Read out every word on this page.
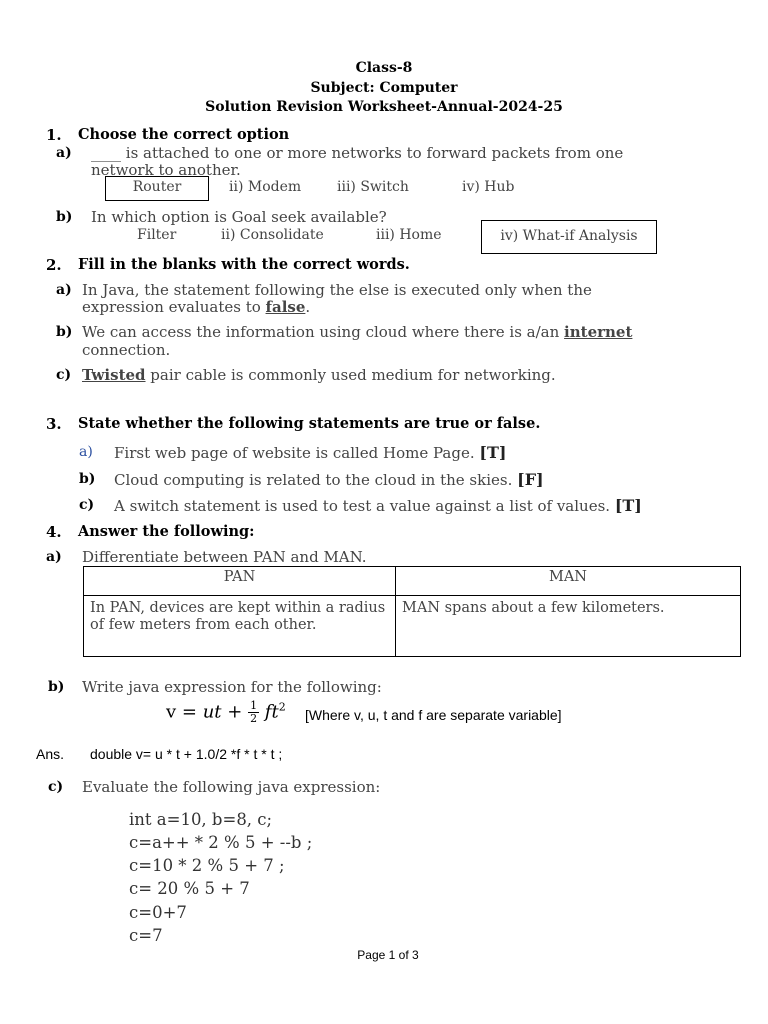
Class-8
Subject: Computer
Solution Revision Worksheet-Annual-2024-25
1. Choose the correct option
a) ____ is attached to one or more networks to forward packets from one
network to another.
Router	ii) Modem	iii) Switch	iv) Hub
b) In which option is Goal seek available?
Filter	ii) Consolidate	iii) Home	iv) What-if Analysis
2. Fill in the blanks with the correct words.
a) In Java, the statement following the else is executed only when the
expression evaluates to false.
b) We can access the information using cloud where there is a/an internet
connection.
c) Twisted pair cable is commonly used medium for networking.
3. State whether the following statements are true or false.
a) First web page of website is called Home Page. [T]
b) Cloud computing is related to the cloud in the skies. [F]
c) A switch statement is used to test a value against a list of values. [T]
4. Answer the following:
a) Differentiate between PAN and MAN.
PAN	MAN
In PAN, devices are kept within a radius of few meters from each other.	MAN spans about a few kilometers.
b) Write java expression for the following:
v = ut + $\frac{1}{2} ft^2$ [Where v, u, t and f are separate variable]
Ans. double v= u * t + 1.0/2 *f * t * t ;
c) Evaluate the following java expression:
int a=10, b=8, c;
c=a++ * 2 % 5 + --b ;
c=10 * 2 % 5 + 7 ;
c= 20 % 5 + 7
c=0+7
c=7
Page 1 of 3
